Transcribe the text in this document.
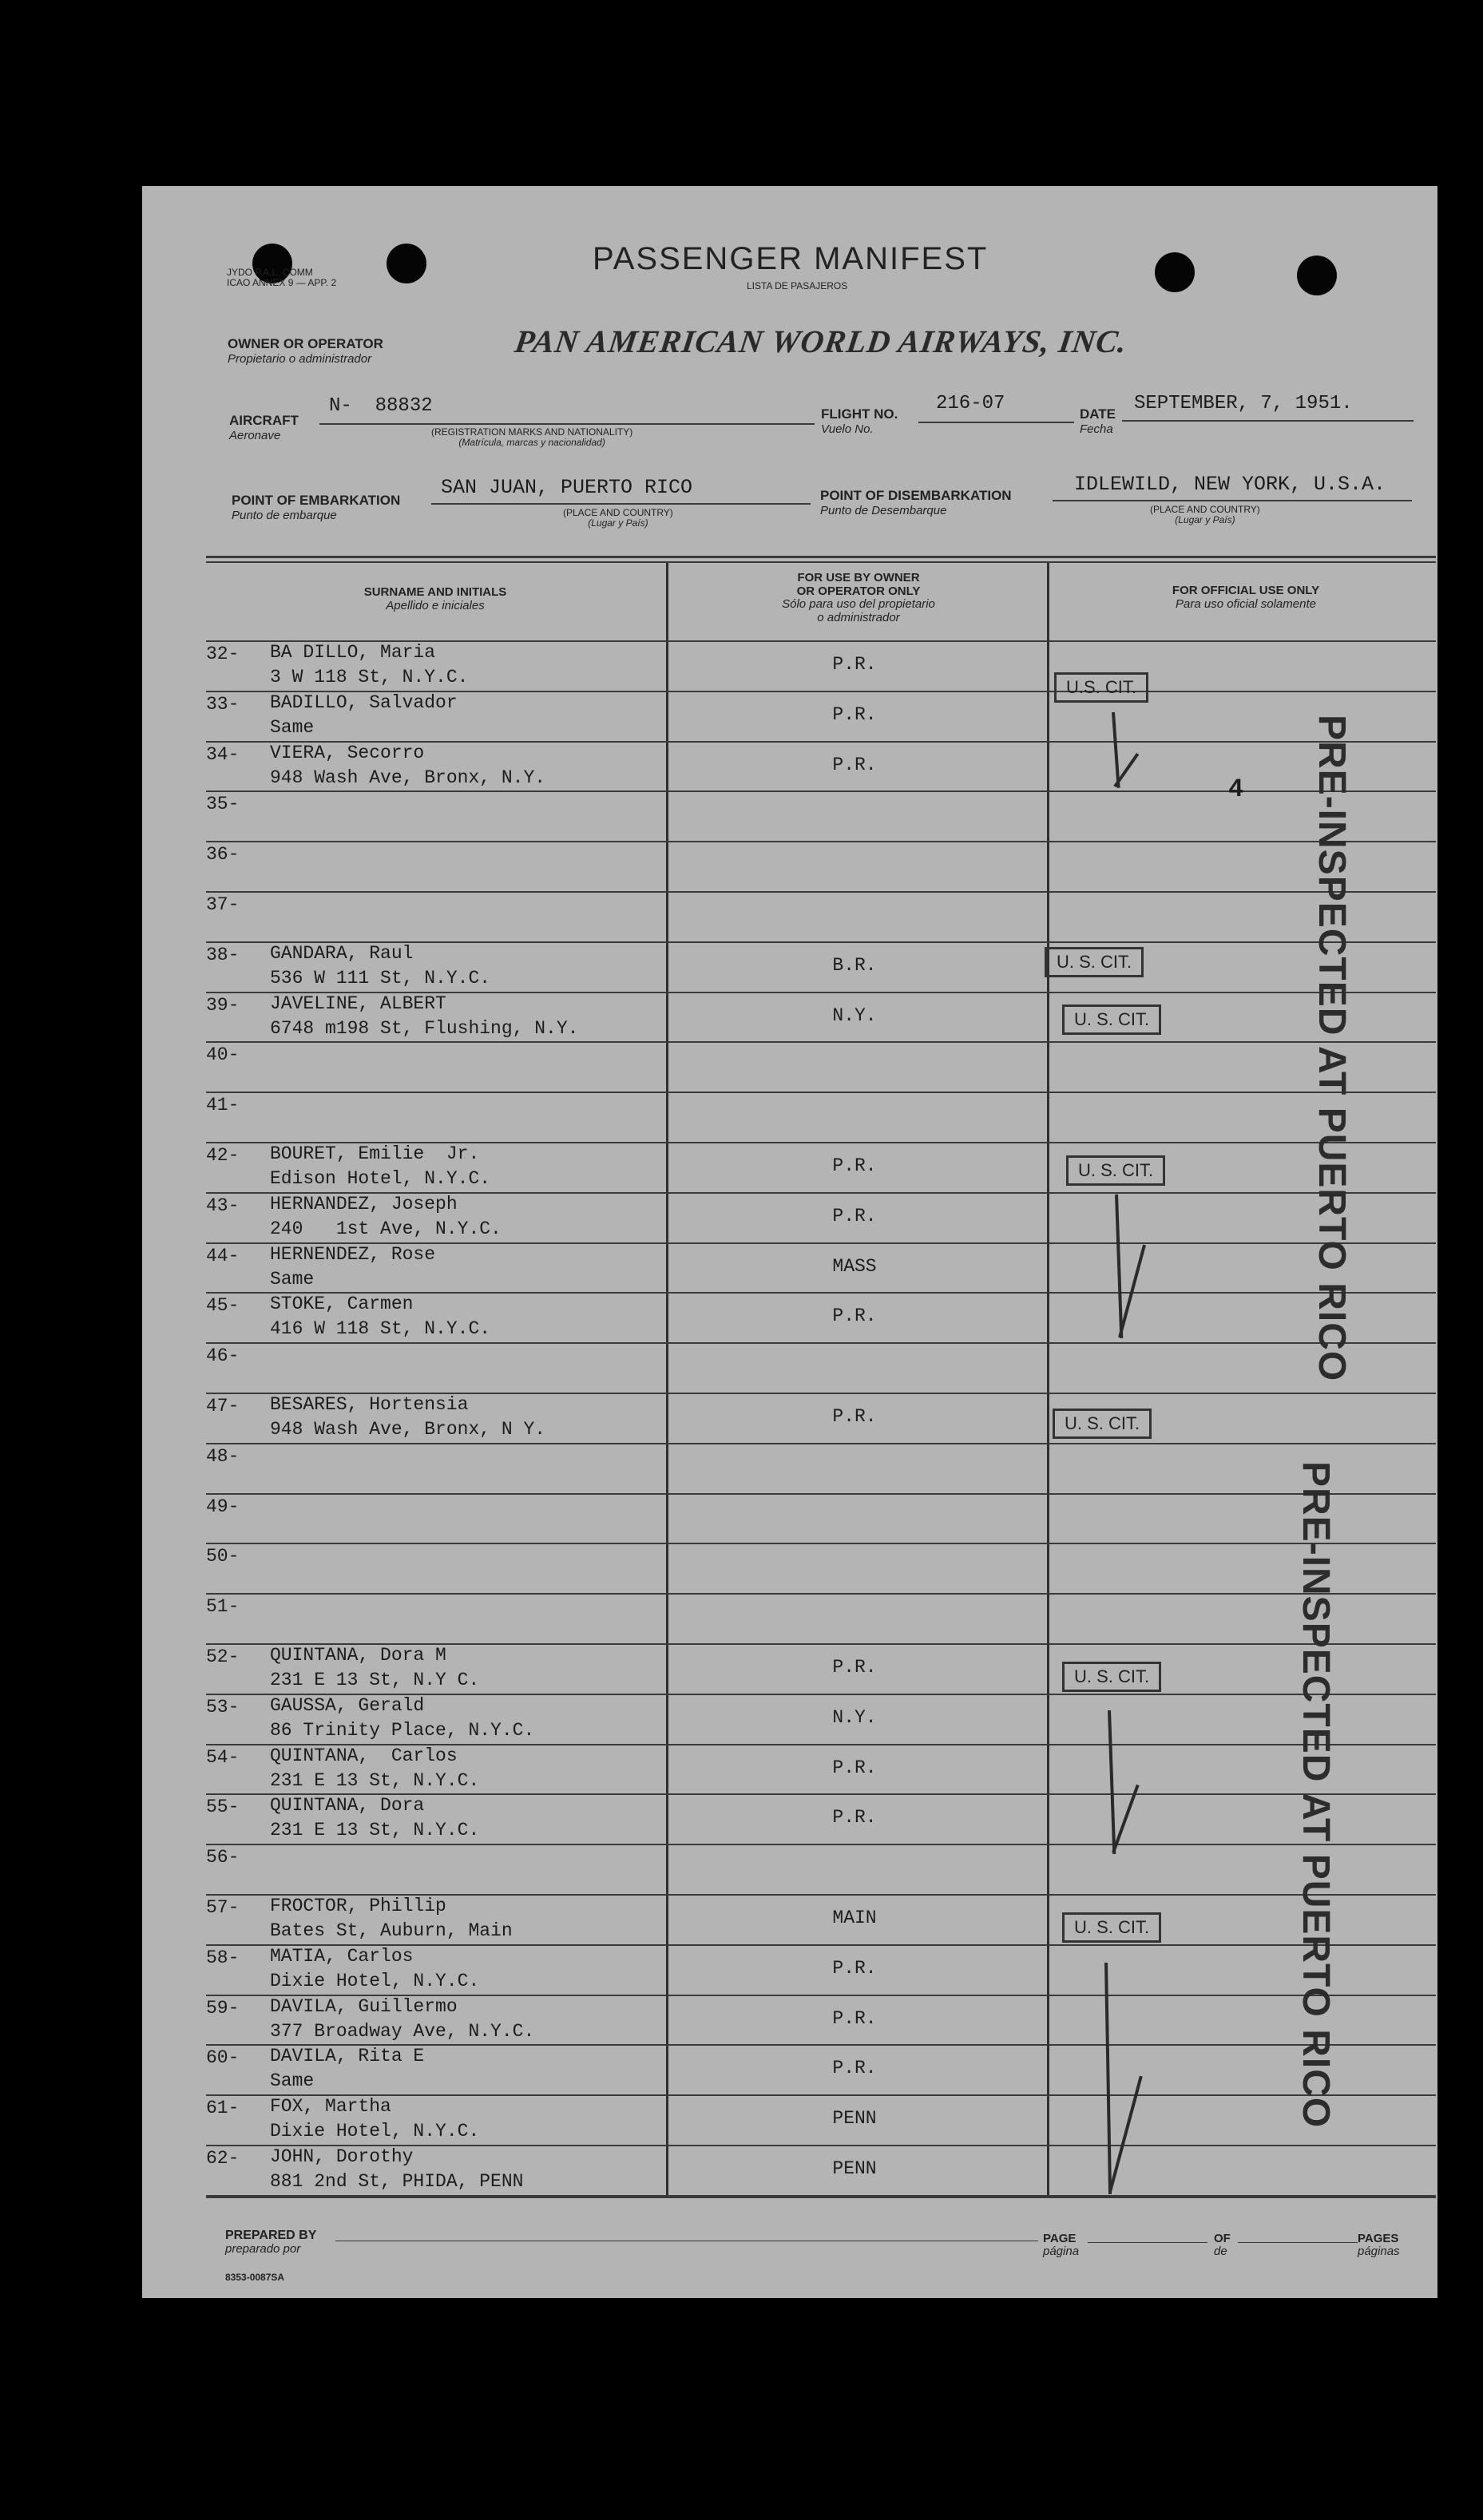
JYDO P.A.L. COMM
ICAO ANNEX 9 — APP. 2
PASSENGER MANIFEST
LISTA DE PASAJEROS
OWNER OR OPERATOR
Propietario o administrador	PAN AMERICAN WORLD AIRWAYS, INC.
AIRCRAFT
Aeronave
N-  88832
(REGISTRATION MARKS AND NATIONALITY)
(Matrícula, marcas y nacionalidad)
FLIGHT NO.
Vuelo No.
216-07	DATE
Fecha
SEPTEMBER, 7, 1951.
POINT OF EMBARKATION
Punto de embarque
SAN JUAN, PUERTO RICO
(PLACE AND COUNTRY)
(Lugar y País)
POINT OF DISEMBARKATION
Punto de Desembarque
IDLEWILD, NEW YORK, U.S.A.
(PLACE AND COUNTRY)
(Lugar y País)
SURNAME AND INITIALS
Apellido e iniciales
FOR USE BY OWNER
OR OPERATOR ONLY
Sólo para uso del propietario
o administrador
FOR OFFICIAL USE ONLY
Para uso oficial solamente
32- BA DILLO, Maria
3 W 118 St, N.Y.C.
P.R.
33- BADILLO, Salvador
Same
P.R.
34- VIERA, Secorro
948 Wash Ave, Bronx, N.Y.
P.R.
35-
36-
37-
38- GANDARA, Raul
536 W 111 St, N.Y.C.
B.R.
39- JAVELINE, ALBERT
6748 m198 St, Flushing, N.Y.
N.Y.
40-
41-
42- BOURET, Emilie  Jr.
Edison Hotel, N.Y.C.
P.R.
43- HERNANDEZ, Joseph
240   1st Ave, N.Y.C.
P.R.
44- HERNENDEZ, Rose
Same
MASS
45- STOKE, Carmen
416 W 118 St, N.Y.C.
P.R.
46-
47- BESARES, Hortensia
948 Wash Ave, Bronx, N Y.
P.R.
48-
49-
50-
51-
52- QUINTANA, Dora M
231 E 13 St, N.Y C.
P.R.
53- GAUSSA, Gerald
86 Trinity Place, N.Y.C.
N.Y.
54- QUINTANA,  Carlos
231 E 13 St, N.Y.C.
P.R.
55- QUINTANA, Dora
231 E 13 St, N.Y.C.
P.R.
56-
57- FROCTOR, Phillip
Bates St, Auburn, Main
MAIN
58- MATIA, Carlos
Dixie Hotel, N.Y.C.
P.R.
59- DAVILA, Guillermo
377 Broadway Ave, N.Y.C.
P.R.
60- DAVILA, Rita E
Same
P.R.
61- FOX, Martha
Dixie Hotel, N.Y.C.
PENN
62- JOHN, Dorothy
881 2nd St, PHIDA, PENN
PENN
U.S. CIT.
U. S. CIT.
U. S. CIT.
U. S. CIT.
U. S. CIT.
U. S. CIT.
U. S. CIT.
4 PRE-INSPECTED AT PUERTO RICO
PRE-INSPECTED AT PUERTO RICO
PREPARED BY
preparado por
PAGE
página
OF
de
PAGES
páginas
8353-0087SA
